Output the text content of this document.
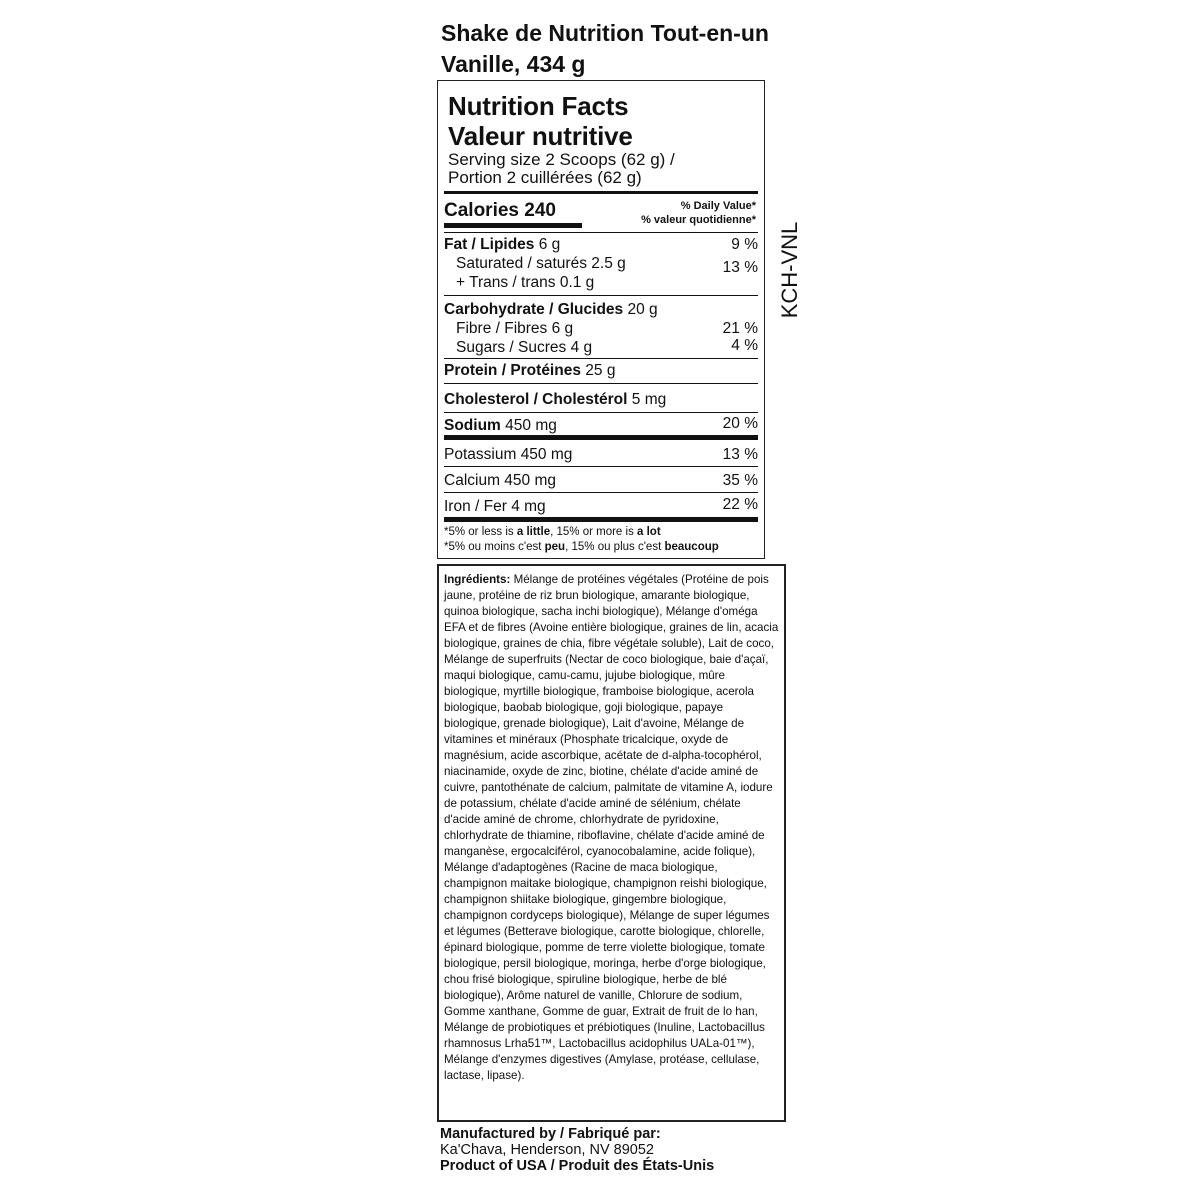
Shake de Nutrition Tout-en-un Vanille, 434 g
Nutrition Facts
Valeur nutritive
Serving size 2 Scoops (62 g) /
Portion 2 cuillérées (62 g)
Calories 240	% Daily Value*
% valeur quotidienne*
Fat / Lipides 6 g	9 %
Saturated / saturés 2.5 g	13 %
+ Trans / trans 0.1 g
Carbohydrate / Glucides 20 g
Fibre / Fibres 6 g	21 %
Sugars / Sucres 4 g	4 %
Protein / Protéines 25 g
Cholesterol / Cholestérol 5 mg
Sodium 450 mg	20 %
Potassium 450 mg	13 %
Calcium 450 mg	35 %
Iron / Fer 4 mg	22 %
*5% or less is a little, 15% or more is a lot
*5% ou moins c'est peu, 15% ou plus c'est beaucoup
KCH-VNL
Ingrédients: Mélange de protéines végétales (Protéine de pois jaune, protéine de riz brun biologique, amarante biologique, quinoa biologique, sacha inchi biologique), Mélange d'oméga EFA et de fibres (Avoine entière biologique, graines de lin, acacia biologique, graines de chia, fibre végétale soluble), Lait de coco, Mélange de superfruits (Nectar de coco biologique, baie d'açaï, maqui biologique, camu-camu, jujube biologique, mûre biologique, myrtille biologique, framboise biologique, acerola biologique, baobab biologique, goji biologique, papaye biologique, grenade biologique), Lait d'avoine, Mélange de vitamines et minéraux (Phosphate tricalcique, oxyde de magnésium, acide ascorbique, acétate de d-alpha-tocophérol, niacinamide, oxyde de zinc, biotine, chélate d'acide aminé de cuivre, pantothénate de calcium, palmitate de vitamine A, iodure de potassium, chélate d'acide aminé de sélénium, chélate d'acide aminé de chrome, chlorhydrate de pyridoxine, chlorhydrate de thiamine, riboflavine, chélate d'acide aminé de manganèse, ergocalciférol, cyanocobalamine, acide folique), Mélange d'adaptogènes (Racine de maca biologique, champignon maitake biologique, champignon reishi biologique, champignon shiitake biologique, gingembre biologique, champignon cordyceps biologique), Mélange de super légumes et légumes (Betterave biologique, carotte biologique, chlorelle, épinard biologique, pomme de terre violette biologique, tomate biologique, persil biologique, moringa, herbe d'orge biologique, chou frisé biologique, spiruline biologique, herbe de blé biologique), Arôme naturel de vanille, Chlorure de sodium, Gomme xanthane, Gomme de guar, Extrait de fruit de lo han, Mélange de probiotiques et prébiotiques (Inuline, Lactobacillus rhamnosus Lrha51™, Lactobacillus acidophilus UALa-01™), Mélange d'enzymes digestives (Amylase, protéase, cellulase, lactase, lipase).
Manufactured by / Fabriqué par:
Ka'Chava, Henderson, NV 89052
Product of USA / Produit des États-Unis
